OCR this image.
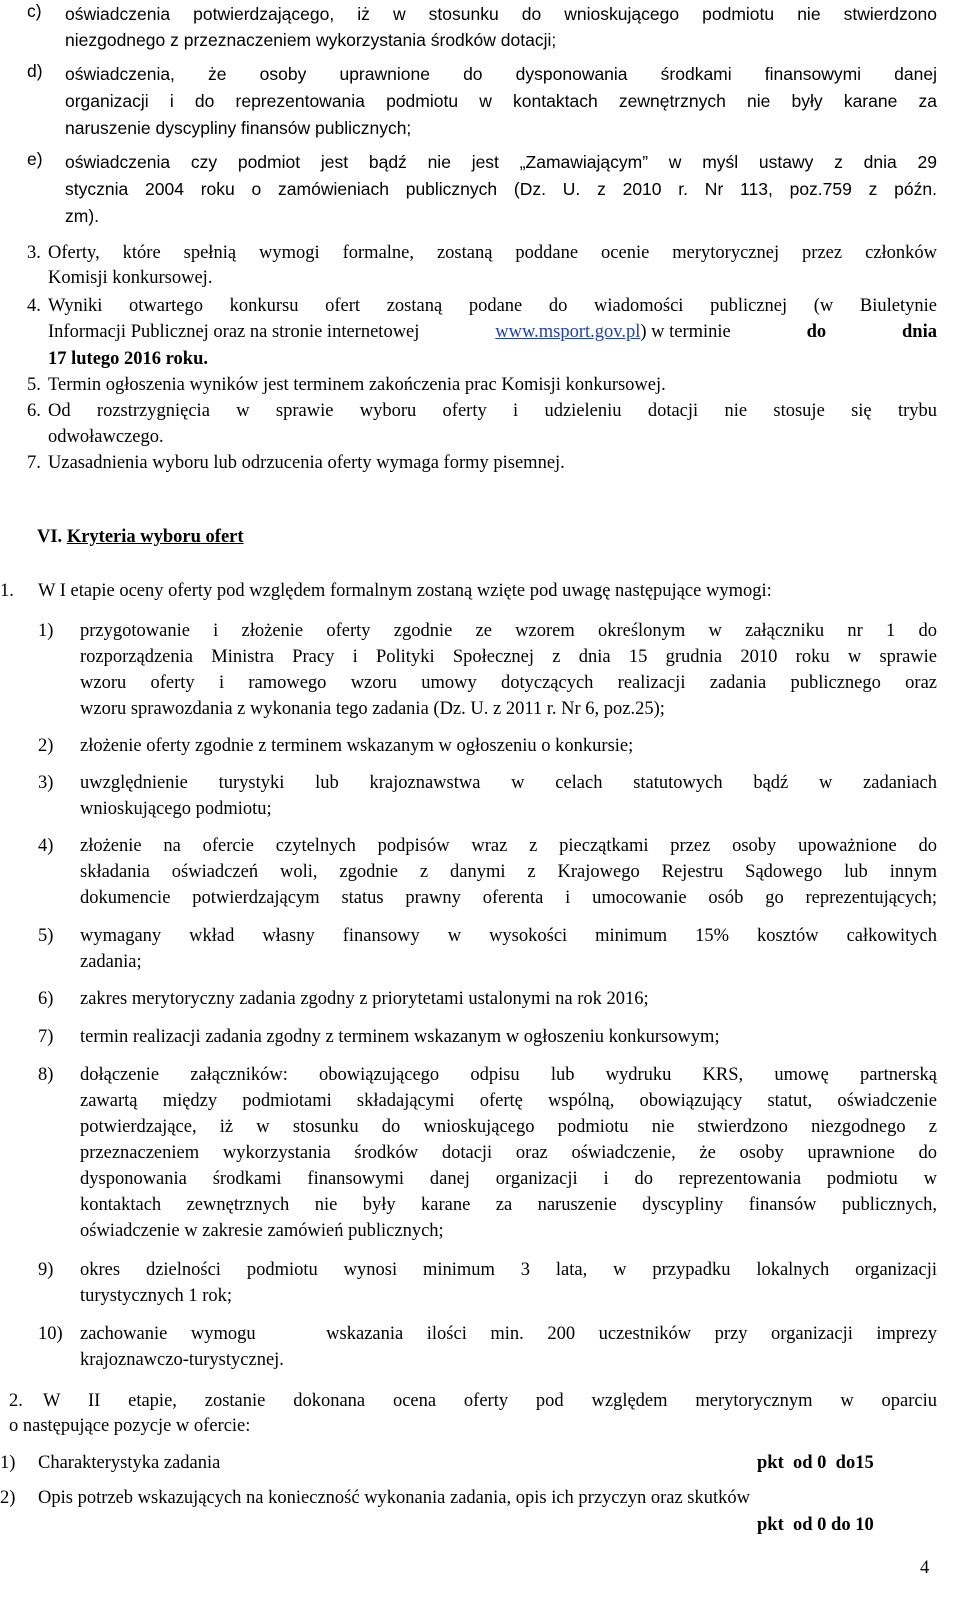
c) oświadczenia potwierdzającego, iż w stosunku do wnioskującego podmiotu nie stwierdzono
niezgodnego z przeznaczeniem wykorzystania środków dotacji;
d) oświadczenia, że osoby uprawnione do dysponowania środkami finansowymi danej
organizacji i do reprezentowania podmiotu w kontaktach zewnętrznych nie były karane za
naruszenie dyscypliny finansów publicznych;
e) oświadczenia czy podmiot jest bądź nie jest „Zamawiającym” w myśl ustawy z dnia 29
stycznia 2004 roku o zamówieniach publicznych (Dz. U. z 2010 r. Nr 113, poz.759 z późn.
zm).
3. Oferty, które spełnią wymogi formalne, zostaną poddane ocenie merytorycznej przez członków
Komisji konkursowej.
4. Wyniki otwartego konkursu ofert zostaną podane do wiadomości publicznej (w Biuletynie
Informacji Publicznej oraz na stronie internetowej	www.msport.gov.pl) w terminie	do	dnia
17 lutego 2016 roku.
5. Termin ogłoszenia wyników jest terminem zakończenia prac Komisji konkursowej.
6. Od rozstrzygnięcia w sprawie wyboru oferty i udzieleniu dotacji nie stosuje się trybu
odwoławczego.
7. Uzasadnienia wyboru lub odrzucenia oferty wymaga formy pisemnej.
VI. Kryteria wyboru ofert
1. W I etapie oceny oferty pod względem formalnym zostaną wzięte pod uwagę następujące wymogi:
1) przygotowanie i złożenie oferty zgodnie ze wzorem określonym w załączniku nr 1 do
rozporządzenia Ministra Pracy i Polityki Społecznej z dnia 15 grudnia 2010 roku w sprawie
wzoru oferty i ramowego wzoru umowy dotyczących realizacji zadania publicznego oraz
wzoru sprawozdania z wykonania tego zadania (Dz. U. z 2011 r. Nr 6, poz.25);
2) złożenie oferty zgodnie z terminem wskazanym w ogłoszeniu o konkursie;
3) uwzględnienie turystyki lub krajoznawstwa w celach statutowych bądź w zadaniach
wnioskującego podmiotu;
4) złożenie na ofercie czytelnych podpisów wraz z pieczątkami przez osoby upoważnione do
składania oświadczeń woli, zgodnie z danymi z Krajowego Rejestru Sądowego lub innym
dokumencie potwierdzającym status prawny oferenta i umocowanie osób go reprezentujących;
5) wymagany wkład własny finansowy w wysokości minimum 15% kosztów całkowitych
zadania;
6) zakres merytoryczny zadania zgodny z priorytetami ustalonymi na rok 2016;
7) termin realizacji zadania zgodny z terminem wskazanym w ogłoszeniu konkursowym;
8) dołączenie załączników: obowiązującego odpisu lub wydruku KRS, umowę partnerską
zawartą między podmiotami składającymi ofertę wspólną, obowiązujący statut, oświadczenie
potwierdzające, iż w stosunku do wnioskującego podmiotu nie stwierdzono niezgodnego z
przeznaczeniem wykorzystania środków dotacji oraz oświadczenie, że osoby uprawnione do
dysponowania środkami finansowymi danej organizacji i do reprezentowania podmiotu w
kontaktach zewnętrznych nie były karane za naruszenie dyscypliny finansów publicznych,
oświadczenie w zakresie zamówień publicznych;
9) okres dzielności podmiotu wynosi minimum 3 lata, w przypadku lokalnych organizacji
turystycznych 1 rok;
10) zachowanie wymogu   wskazania ilości min. 200 uczestników przy organizacji imprezy
krajoznawczo-turystycznej.
2. W II etapie, zostanie dokonana ocena oferty pod względem merytorycznym w oparciu
o następujące pozycje w ofercie:
1) Charakterystyka zadania	pkt  od 0  do15
2) Opis potrzeb wskazujących na konieczność wykonania zadania, opis ich przyczyn oraz skutków
pkt  od 0 do 10
4
